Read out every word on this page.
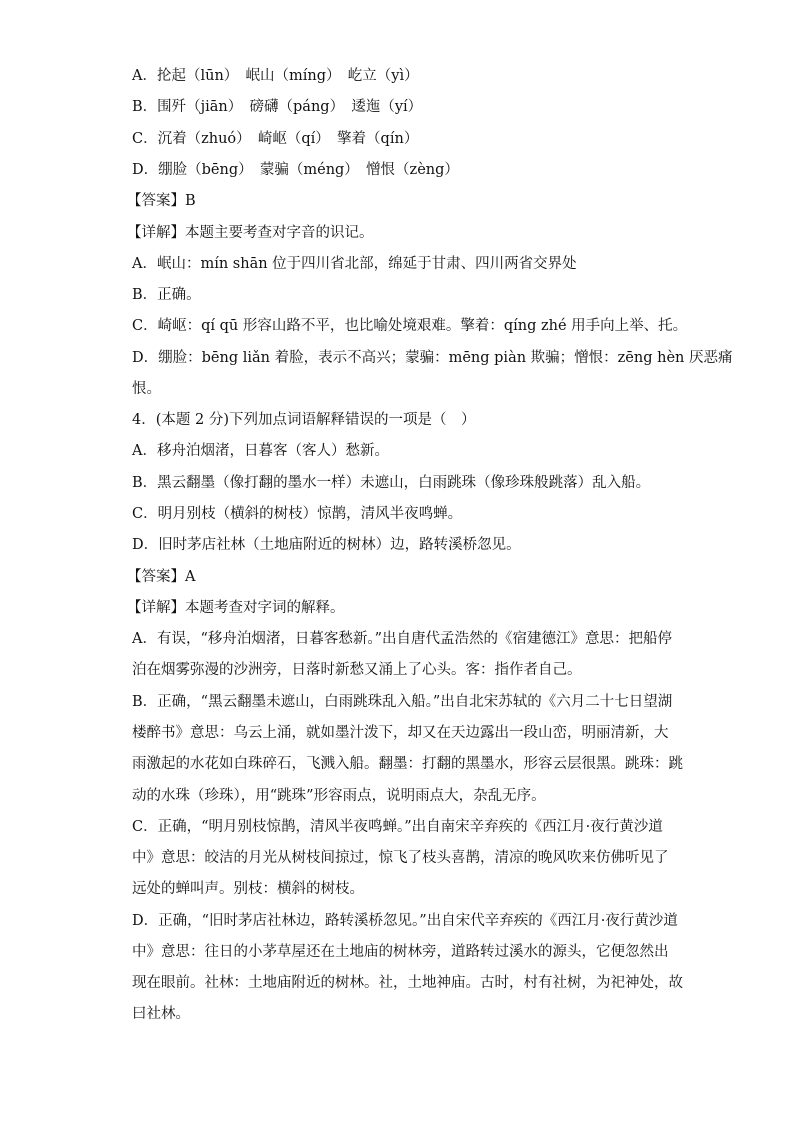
A．抡起（lūn）　岷山（míng）　屹立（yì）
B．围歼（jiān）　磅礴（páng）　逶迤（yí）
C．沉着（zhuó）　崎岖（qí）　擎着（qín）
D．绷脸（bēng）　蒙骗（méng）　憎恨（zèng）
【答案】B
【详解】本题主要考查对字音的识记。
A．岷山：mín shān 位于四川省北部，绵延于甘肃、四川两省交界处
B．正确。
C．崎岖：qí qū 形容山路不平，也比喻处境艰难。擎着：qíng zhé 用手向上举、托。
D．绷脸：bēng liǎn 着脸，表示不高兴；蒙骗：mēng piàn 欺骗；憎恨：zēng hèn 厌恶痛
恨。
4．(本题 2 分)下列加点词语解释错误的一项是（　）
A．移舟泊烟渚，日暮客（客人）愁新。
B．黑云翻墨（像打翻的墨水一样）未遮山，白雨跳珠（像珍珠般跳落）乱入船。
C．明月别枝（横斜的树枝）惊鹊，清风半夜鸣蝉。
D．旧时茅店社林（土地庙附近的树林）边，路转溪桥忽见。
【答案】A
【详解】本题考查对字词的解释。
A．有误，“移舟泊烟渚，日暮客愁新。”出自唐代孟浩然的《宿建德江》意思：把船停
泊在烟雾弥漫的沙洲旁，日落时新愁又涌上了心头。客：指作者自己。
B．正确，“黑云翻墨未遮山，白雨跳珠乱入船。”出自北宋苏轼的《六月二十七日望湖
楼醉书》意思：乌云上涌，就如墨汁泼下，却又在天边露出一段山峦，明丽清新，大
雨激起的水花如白珠碎石，飞溅入船。翻墨：打翻的黑墨水，形容云层很黑。跳珠：跳
动的水珠（珍珠），用“跳珠”形容雨点，说明雨点大，杂乱无序。
C．正确，“明月别枝惊鹊，清风半夜鸣蝉。”出自南宋辛弃疾的《西江月·夜行黄沙道
中》意思：皎洁的月光从树枝间掠过，惊飞了枝头喜鹊，清凉的晚风吹来仿佛听见了
远处的蝉叫声。别枝：横斜的树枝。
D．正确，“旧时茅店社林边，路转溪桥忽见。”出自宋代辛弃疾的《西江月·夜行黄沙道
中》意思：往日的小茅草屋还在土地庙的树林旁，道路转过溪水的源头，它便忽然出
现在眼前。社林：土地庙附近的树林。社，土地神庙。古时，村有社树，为祀神处，故
曰社林。
